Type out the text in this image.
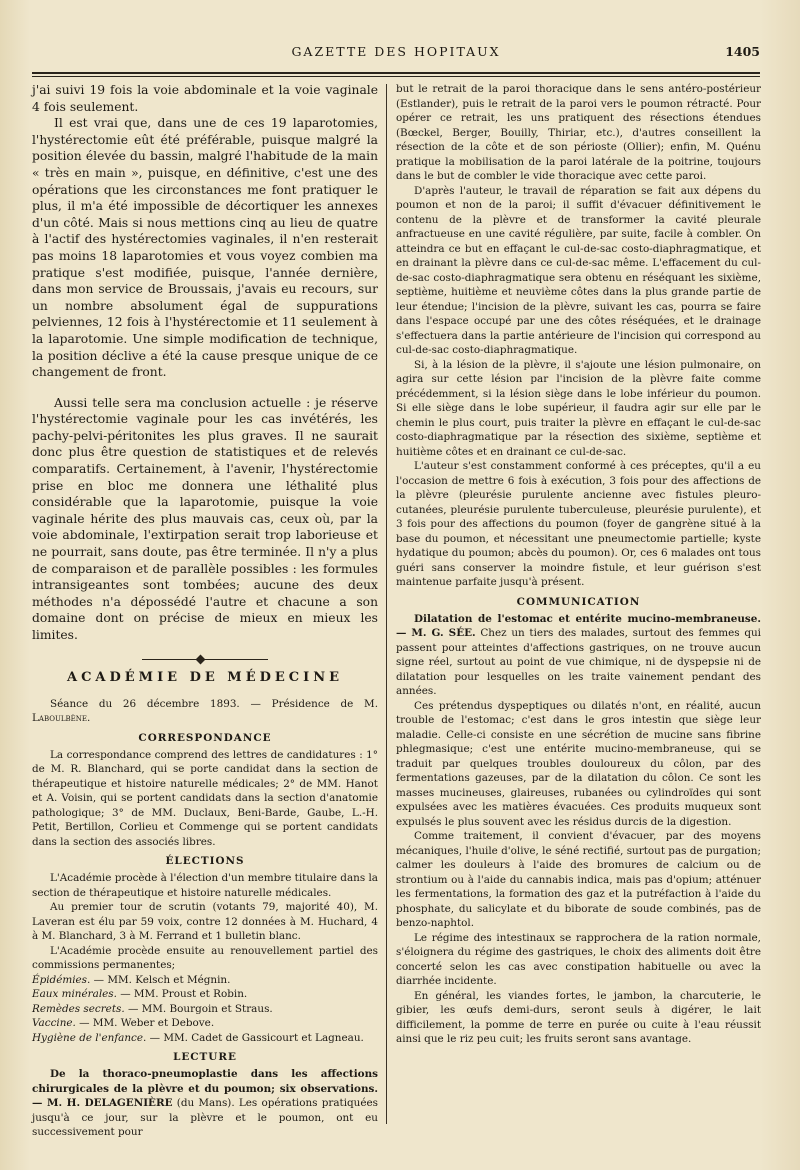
GAZETTE DES HOPITAUX	1405

j'ai suivi 19 fois la voie abdominale et la voie vaginale 4 fois seulement.

Il est vrai que, dans une de ces 19 laparotomies, l'hystérectomie eût été préférable, puisque malgré la position élevée du bassin, malgré l'habitude de la main « très en main », puisque, en définitive, c'est une des opérations que les circonstances me font pratiquer le plus, il m'a été impossible de décortiquer les annexes d'un côté. Mais si nous mettions cinq au lieu de quatre à l'actif des hystérectomies vaginales, il n'en resterait pas moins 18 laparotomies et vous voyez combien ma pratique s'est modifiée, puisque, l'année dernière, dans mon service de Broussais, j'avais eu recours, sur un nombre absolument égal de suppurations pelviennes, 12 fois à l'hystérectomie et 11 seulement à la laparotomie. Une simple modification de technique, la position déclive a été la cause presque unique de ce changement de front.

Aussi telle sera ma conclusion actuelle : je réserve l'hystérectomie vaginale pour les cas invétérés, les pachy-pelvi-péritonites les plus graves. Il ne saurait donc plus être question de statistiques et de relevés comparatifs. Certainement, à l'avenir, l'hystérectomie prise en bloc me donnera une léthalité plus considérable que la laparotomie, puisque la voie vaginale hérite des plus mauvais cas, ceux où, par la voie abdominale, l'extirpation serait trop laborieuse et ne pourrait, sans doute, pas être terminée. Il n'y a plus de comparaison et de parallèle possibles : les formules intransigeantes sont tombées; aucune des deux méthodes n'a dépossédé l'autre et chacune a son domaine dont on précise de mieux en mieux les limites.

ACADÉMIE DE MÉDECINE

Séance du 26 décembre 1893. — Présidence de M. Laboulbène.

CORRESPONDANCE

La correspondance comprend des lettres de candidatures : 1° de M. R. Blanchard, qui se porte candidat dans la section de thérapeutique et histoire naturelle médicales; 2° de MM. Hanot et A. Voisin, qui se portent candidats dans la section d'anatomie pathologique; 3° de MM. Duclaux, Beni-Barde, Gaube, L.-H. Petit, Bertillon, Corlieu et Commenge qui se portent candidats dans la section des associés libres.

ÉLECTIONS

L'Académie procède à l'élection d'un membre titulaire dans la section de thérapeutique et histoire naturelle médicales.

Au premier tour de scrutin (votants 79, majorité 40), M. Laveran est élu par 59 voix, contre 12 données à M. Huchard, 4 à M. Blanchard, 3 à M. Ferrand et 1 bulletin blanc.

L'Académie procède ensuite au renouvellement partiel des commissions permanentes;

Épidémies. — MM. Kelsch et Mégnin.

Eaux minérales. — MM. Proust et Robin.

Remèdes secrets. — MM. Bourgoin et Straus.

Vaccine. — MM. Weber et Debove.

Hygiène de l'enfance. — MM. Cadet de Gassicourt et Lagneau.

LECTURE

De la thoraco-pneumoplastie dans les affections chirurgicales de la plèvre et du poumon; six observations. — M. H. DELAGENIÈRE (du Mans). Les opérations pratiquées jusqu'à ce jour, sur la plèvre et le poumon, ont eu successivement pour

but le retrait de la paroi thoracique dans le sens antéro-postérieur (Estlander), puis le retrait de la paroi vers le poumon rétracté. Pour opérer ce retrait, les uns pratiquent des résections étendues (Bœckel, Berger, Bouilly, Thiriar, etc.), d'autres conseillent la résection de la côte et de son périoste (Ollier); enfin, M. Quénu pratique la mobilisation de la paroi latérale de la poitrine, toujours dans le but de combler le vide thoracique avec cette paroi.

D'après l'auteur, le travail de réparation se fait aux dépens du poumon et non de la paroi; il suffit d'évacuer définitivement le contenu de la plèvre et de transformer la cavité pleurale anfractueuse en une cavité régulière, par suite, facile à combler. On atteindra ce but en effaçant le cul-de-sac costo-diaphragmatique, et en drainant la plèvre dans ce cul-de-sac même. L'effacement du cul-de-sac costo-diaphragmatique sera obtenu en réséquant les sixième, septième, huitième et neuvième côtes dans la plus grande partie de leur étendue; l'incision de la plèvre, suivant les cas, pourra se faire dans l'espace occupé par une des côtes réséquées, et le drainage s'effectuera dans la partie antérieure de l'incision qui correspond au cul-de-sac costo-diaphragmatique.

Si, à la lésion de la plèvre, il s'ajoute une lésion pulmonaire, on agira sur cette lésion par l'incision de la plèvre faite comme précédemment, si la lésion siège dans le lobe inférieur du poumon. Si elle siège dans le lobe supérieur, il faudra agir sur elle par le chemin le plus court, puis traiter la plèvre en effaçant le cul-de-sac costo-diaphragmatique par la résection des sixième, septième et huitième côtes et en drainant ce cul-de-sac.

L'auteur s'est constamment conformé à ces préceptes, qu'il a eu l'occasion de mettre 6 fois à exécution, 3 fois pour des affections de la plèvre (pleurésie purulente ancienne avec fistules pleuro-cutanées, pleurésie purulente tuberculeuse, pleurésie purulente), et 3 fois pour des affections du poumon (foyer de gangrène situé à la base du poumon, et nécessitant une pneumectomie partielle; kyste hydatique du poumon; abcès du poumon). Or, ces 6 malades ont tous guéri sans conserver la moindre fistule, et leur guérison s'est maintenue parfaite jusqu'à présent.

COMMUNICATION

Dilatation de l'estomac et entérite mucino-membraneuse. — M. G. SÉE. Chez un tiers des malades, surtout des femmes qui passent pour atteintes d'affections gastriques, on ne trouve aucun signe réel, surtout au point de vue chimique, ni de dyspepsie ni de dilatation pour lesquelles on les traite vainement pendant des années.

Ces prétendus dyspeptiques ou dilatés n'ont, en réalité, aucun trouble de l'estomac; c'est dans le gros intestin que siège leur maladie. Celle-ci consiste en une sécrétion de mucine sans fibrine phlegmasique; c'est une entérite mucino-membraneuse, qui se traduit par quelques troubles douloureux du côlon, par des fermentations gazeuses, par de la dilatation du côlon. Ce sont les masses mucineuses, glaireuses, rubanées ou cylindroïdes qui sont expulsées avec les matières évacuées. Ces produits muqueux sont expulsés le plus souvent avec les résidus durcis de la digestion.

Comme traitement, il convient d'évacuer, par des moyens mécaniques, l'huile d'olive, le séné rectifié, surtout pas de purgation; calmer les douleurs à l'aide des bromures de calcium ou de strontium ou à l'aide du cannabis indica, mais pas d'opium; atténuer les fermentations, la formation des gaz et la putréfaction à l'aide du phosphate, du salicylate et du biborate de soude combinés, pas de benzo-naphtol.

Le régime des intestinaux se rapprochera de la ration normale, s'éloignera du régime des gastriques, le choix des aliments doit être concerté selon les cas avec constipation habituelle ou avec la diarrhée incidente.

En général, les viandes fortes, le jambon, la charcuterie, le gibier, les œufs demi-durs, seront seuls à digérer, le lait difficilement, la pomme de terre en purée ou cuite à l'eau réussit ainsi que le riz peu cuit; les fruits seront sans avantage.
